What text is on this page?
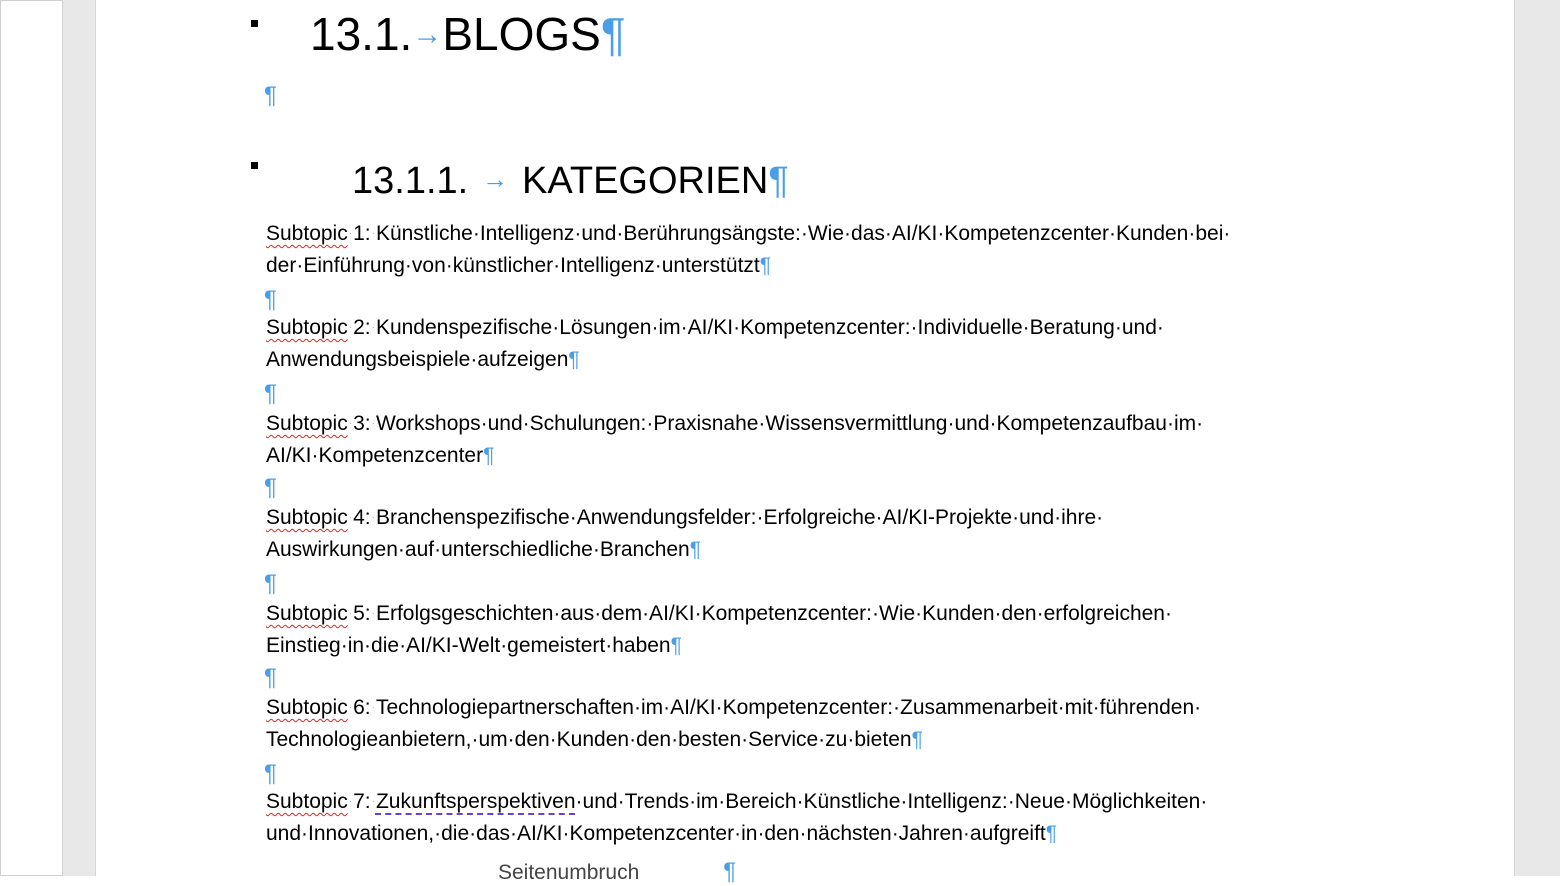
13.1.→BLOGS¶
¶
13.1.1. → KATEGORIEN¶
Subtopic·1:·Künstliche·Intelligenz·und·Berührungsängste:·Wie·das·AI/KI·Kompetenzcenter·Kunden·bei·
der·Einführung·von·künstlicher·Intelligenz·unterstützt¶
¶
Subtopic·2:·Kundenspezifische·Lösungen·im·AI/KI·Kompetenzcenter:·Individuelle·Beratung·und·
Anwendungsbeispiele·aufzeigen¶
¶
Subtopic·3:·Workshops·und·Schulungen:·Praxisnahe·Wissensvermittlung·und·Kompetenzaufbau·im·
AI/KI·Kompetenzcenter¶
¶
Subtopic·4:·Branchenspezifische·Anwendungsfelder:·Erfolgreiche·AI/KI-Projekte·und·ihre·
Auswirkungen·auf·unterschiedliche·Branchen¶
¶
Subtopic·5:·Erfolgsgeschichten·aus·dem·AI/KI·Kompetenzcenter:·Wie·Kunden·den·erfolgreichen·
Einstieg·in·die·AI/KI-Welt·gemeistert·haben¶
¶
Subtopic·6:·Technologiepartnerschaften·im·AI/KI·Kompetenzcenter:·Zusammenarbeit·mit·führenden·
Technologieanbietern,·um·den·Kunden·den·besten·Service·zu·bieten¶
¶
Subtopic·7:·Zukunftsperspektiven·und·Trends·im·Bereich·Künstliche·Intelligenz:·Neue·Möglichkeiten·
und·Innovationen,·die·das·AI/KI·Kompetenzcenter·in·den·nächsten·Jahren·aufgreift¶
Seitenumbruch	¶
